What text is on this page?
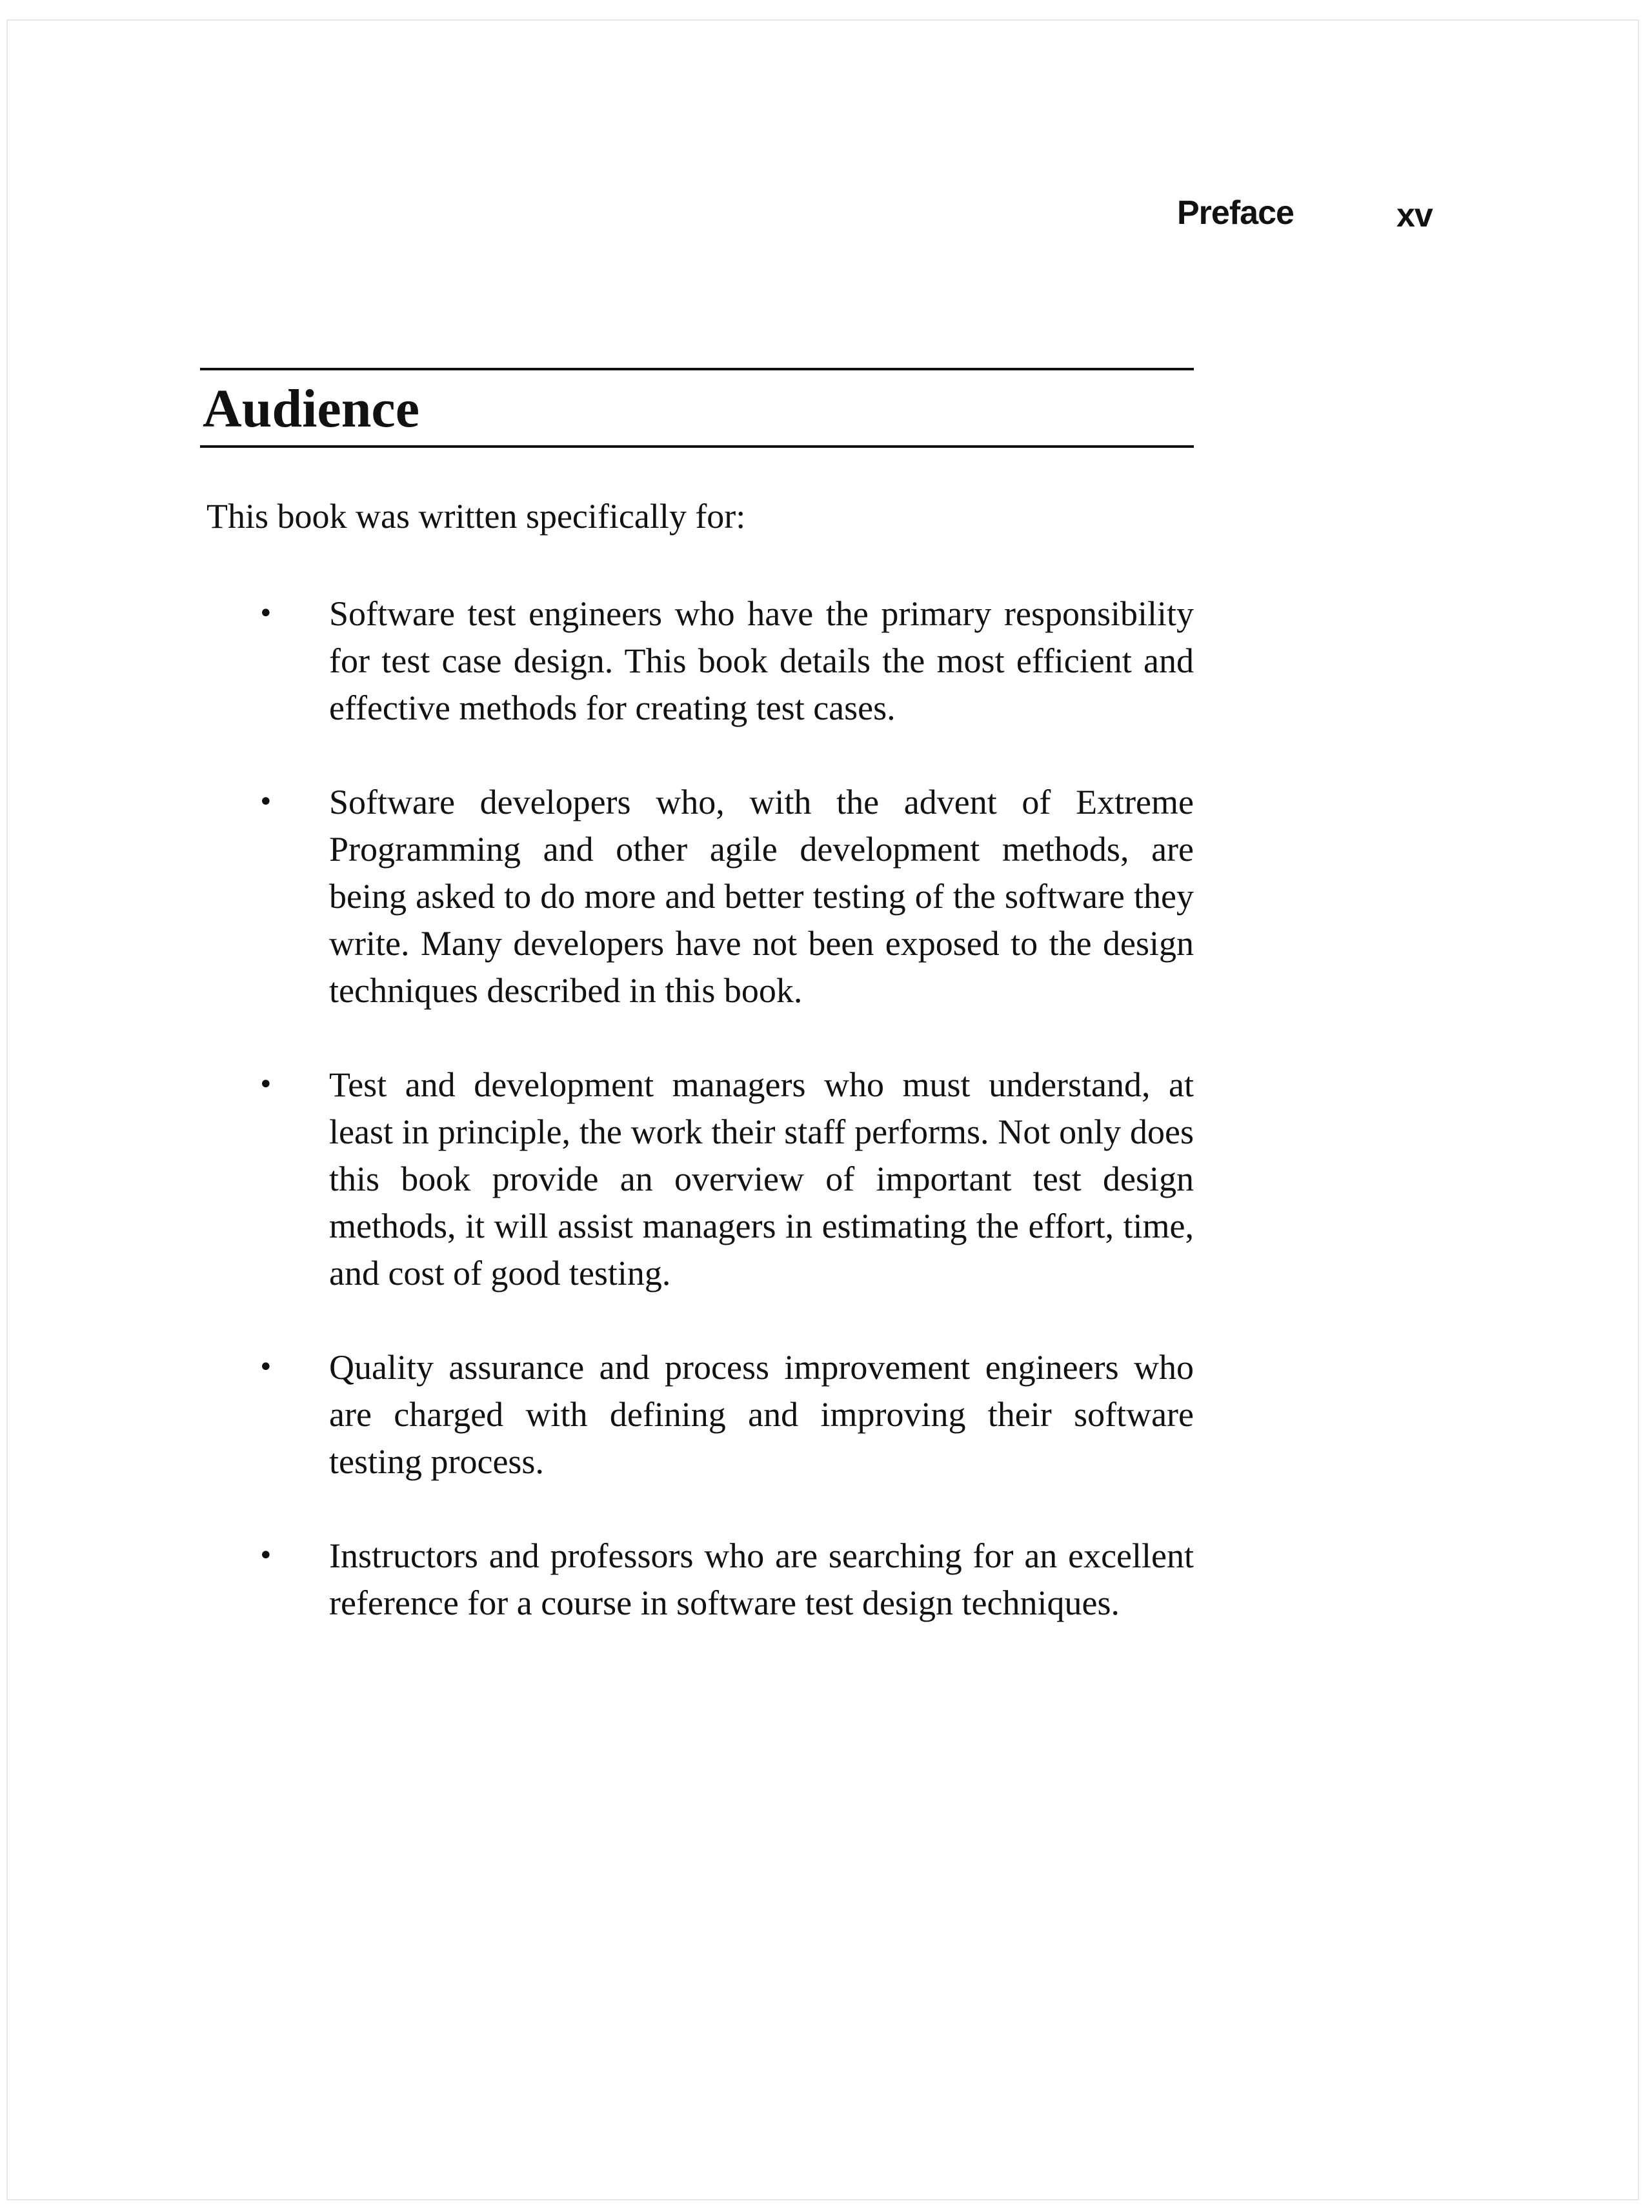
Preface	xv
Audience

This book was written specifically for:

• Software test engineers who have the primary responsibility for test case design. This book details the most efficient and effective methods for creating test cases.
• Software developers who, with the advent of Extreme Programming and other agile development methods, are being asked to do more and better testing of the software they write. Many developers have not been exposed to the design techniques described in this book.
• Test and development managers who must understand, at least in principle, the work their staff performs. Not only does this book provide an overview of important test design methods, it will assist managers in estimating the effort, time, and cost of good testing.
• Quality assurance and process improvement engineers who are charged with defining and improving their software testing process.
• Instructors and professors who are searching for an excellent reference for a course in software test design techniques.
